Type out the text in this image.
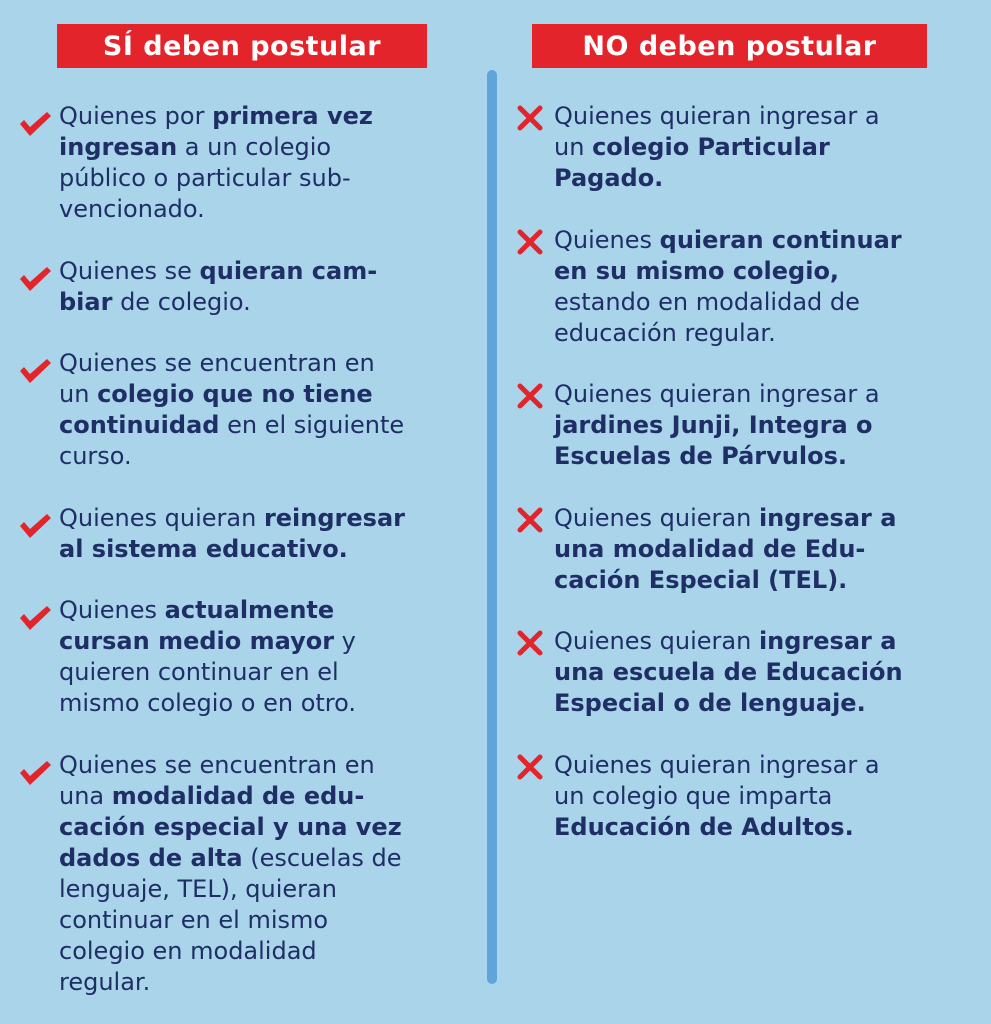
SÍ deben postular	NO deben postular
Quienes por primera vez
ingresan a un colegio
público o particular sub-
vencionado.
Quienes se quieran cam-
biar de colegio.
Quienes se encuentran en
un colegio que no tiene
continuidad en el siguiente
curso.
Quienes quieran reingresar
al sistema educativo.
Quienes actualmente
cursan medio mayor y
quieren continuar en el
mismo colegio o en otro.
Quienes se encuentran en
una modalidad de edu-
cación especial y una vez
dados de alta (escuelas de
lenguaje, TEL), quieran
continuar en el mismo
colegio en modalidad
regular.
Quienes quieran ingresar a
un colegio Particular
Pagado.
Quienes quieran continuar
en su mismo colegio,
estando en modalidad de
educación regular.
Quienes quieran ingresar a
jardines Junji, Integra o
Escuelas de Párvulos.
Quienes quieran ingresar a
una modalidad de Edu-
cación Especial (TEL).
Quienes quieran ingresar a
una escuela de Educación
Especial o de lenguaje.
Quienes quieran ingresar a
un colegio que imparta
Educación de Adultos.
